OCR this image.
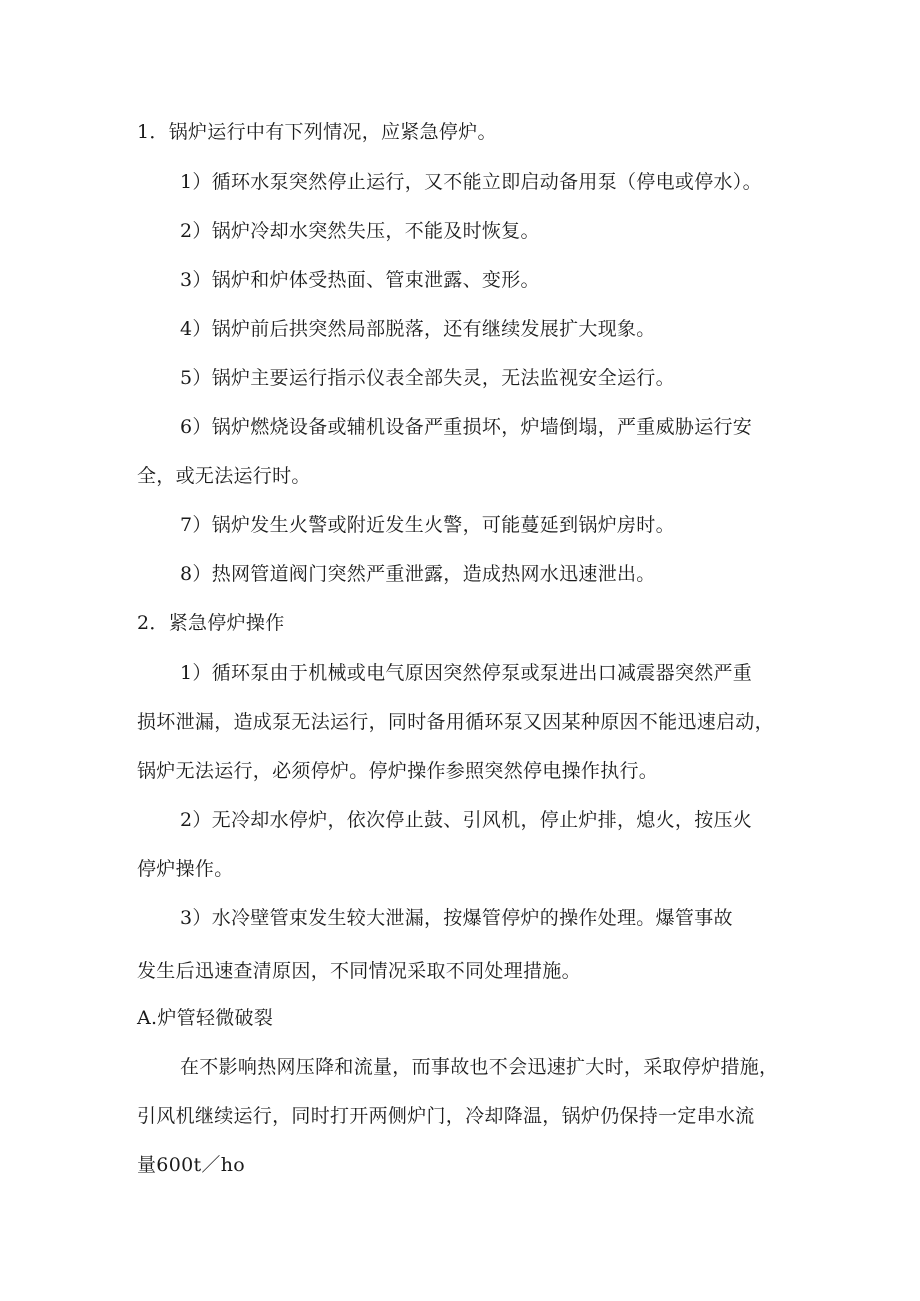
1．锅炉运行中有下列情况，应紧急停炉。
1）循环水泵突然停止运行，又不能立即启动备用泵（停电或停水）。
2）锅炉冷却水突然失压，不能及时恢复。
3）锅炉和炉体受热面、管束泄露、变形。
4）锅炉前后拱突然局部脱落，还有继续发展扩大现象。
5）锅炉主要运行指示仪表全部失灵，无法监视安全运行。
6）锅炉燃烧设备或辅机设备严重损坏，炉墙倒塌，严重威胁运行安
全，或无法运行时。
7）锅炉发生火警或附近发生火警，可能蔓延到锅炉房时。
8）热网管道阀门突然严重泄露，造成热网水迅速泄出。
2．紧急停炉操作
1）循环泵由于机械或电气原因突然停泵或泵进出口减震器突然严重
损坏泄漏，造成泵无法运行，同时备用循环泵又因某种原因不能迅速启动，
锅炉无法运行，必须停炉。停炉操作参照突然停电操作执行。
2）无冷却水停炉，依次停止鼓、引风机，停止炉排，熄火，按压火
停炉操作。
3）水冷壁管束发生较大泄漏，按爆管停炉的操作处理。爆管事故
发生后迅速查清原因，不同情况采取不同处理措施。
A.炉管轻微破裂
在不影响热网压降和流量，而事故也不会迅速扩大时，采取停炉措施，
引风机继续运行，同时打开两侧炉门，冷却降温，锅炉仍保持一定串水流
量600t／ho
